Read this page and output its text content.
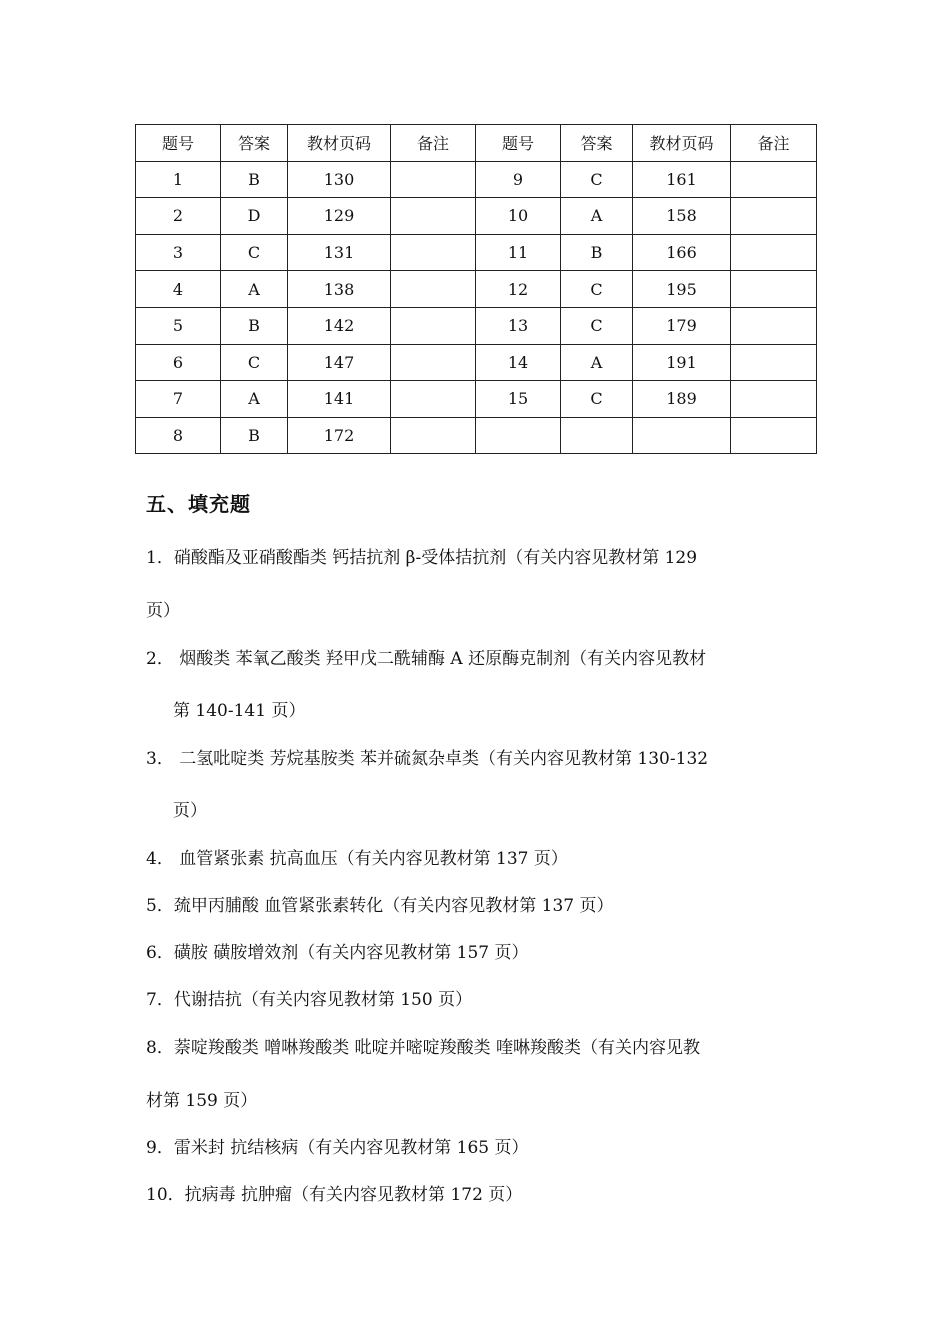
题号	答案	教材页码	备注	题号	答案	教材页码	备注
1	B	130		9	C	161	
2	D	129		10	A	158	
3	C	131		11	B	166	
4	A	138		12	C	195	
5	B	142		13	C	179	
6	C	147		14	A	191	
7	A	141		15	C	189	
8	B	172					
五、填充题
1．硝酸酯及亚硝酸酯类 钙拮抗剂 β-受体拮抗剂（有关内容见教材第 129
页）
2． 烟酸类 苯氧乙酸类 羟甲戊二酰辅酶 A 还原酶克制剂（有关内容见教材
第 140-141 页）
3． 二氢吡啶类 芳烷基胺类 苯并硫氮杂卓类（有关内容见教材第 130-132
页）
4． 血管紧张素 抗高血压（有关内容见教材第 137 页）
5．巯甲丙脯酸 血管紧张素转化（有关内容见教材第 137 页）
6．磺胺 磺胺增效剂（有关内容见教材第 157 页）
7．代谢拮抗（有关内容见教材第 150 页）
8．萘啶羧酸类 噌啉羧酸类 吡啶并嘧啶羧酸类 喹啉羧酸类（有关内容见教
材第 159 页）
9．雷米封 抗结核病（有关内容见教材第 165 页）
10．抗病毒 抗肿瘤（有关内容见教材第 172 页）
